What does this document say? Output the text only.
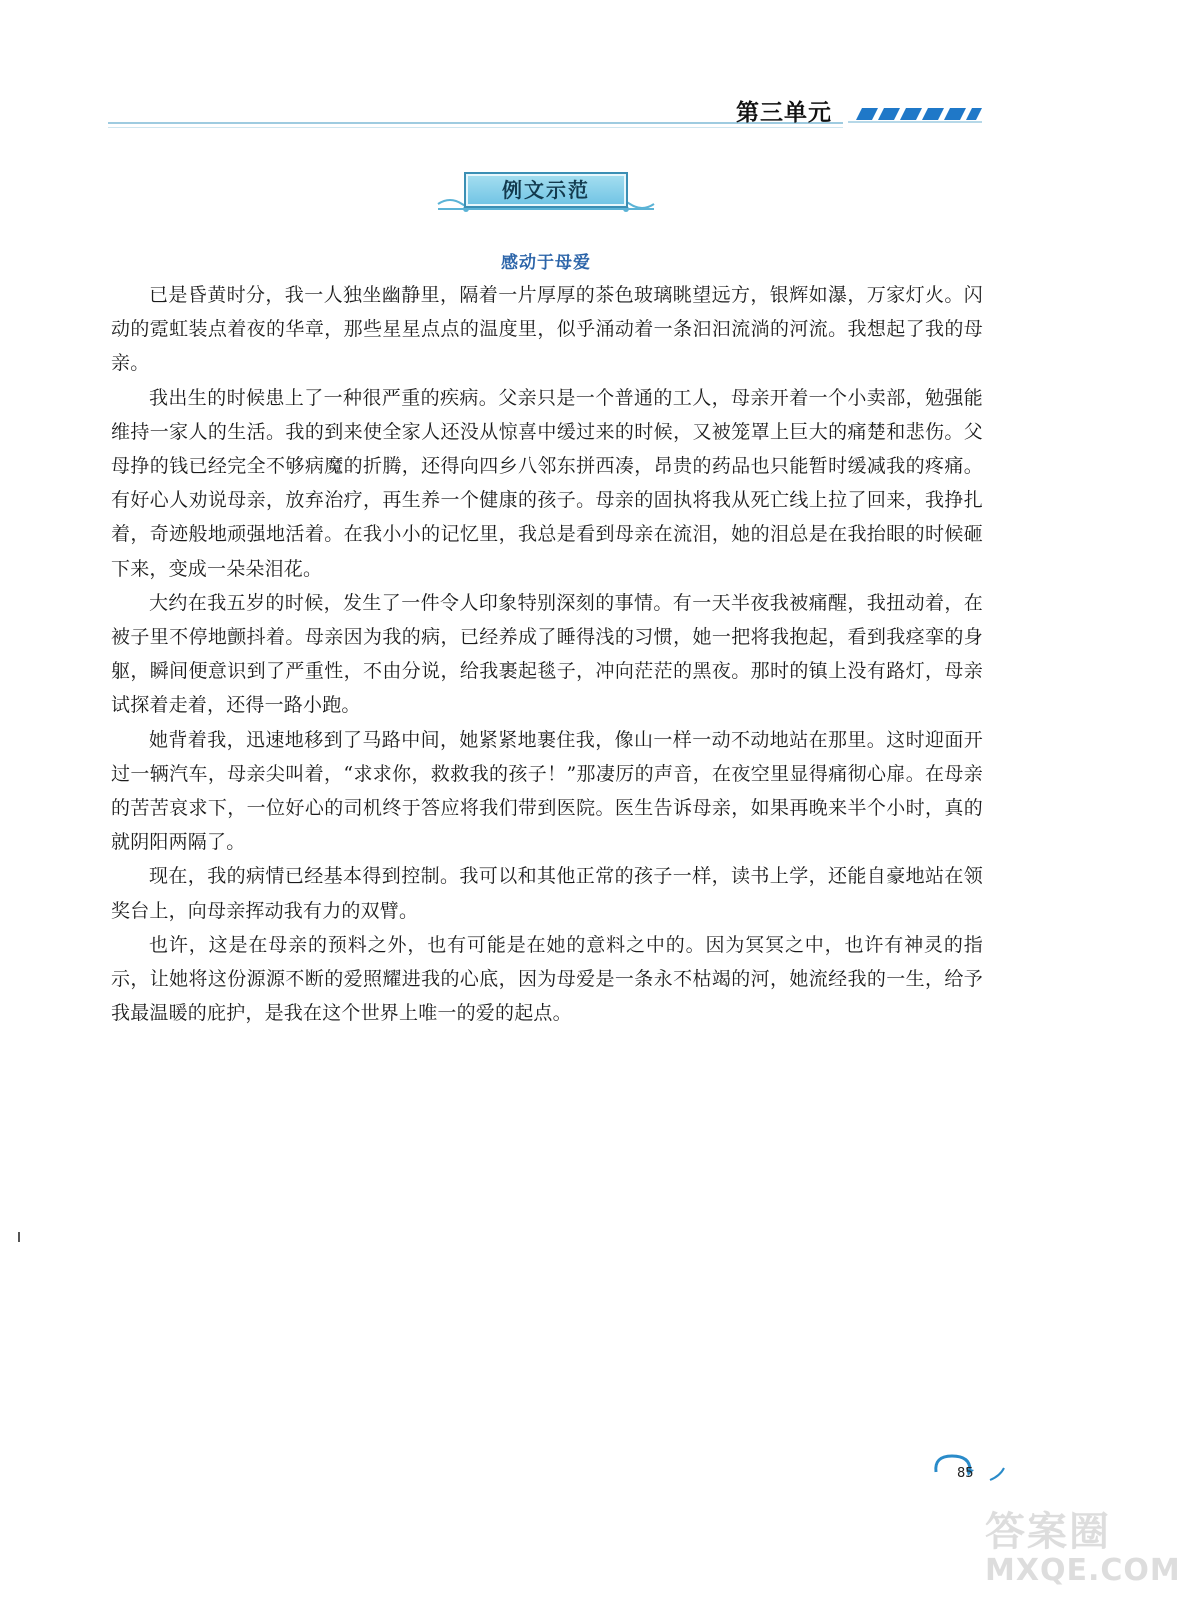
第三单元
例文示范
感动于母爱

已是昏黄时分，我一人独坐幽静里，隔着一片厚厚的茶色玻璃眺望远方，银辉如瀑，万家灯火。闪动的霓虹装点着夜的华章，那些星星点点的温度里，似乎涌动着一条汩汩流淌的河流。我想起了我的母亲。

我出生的时候患上了一种很严重的疾病。父亲只是一个普通的工人，母亲开着一个小卖部，勉强能维持一家人的生活。我的到来使全家人还没从惊喜中缓过来的时候，又被笼罩上巨大的痛楚和悲伤。父母挣的钱已经完全不够病魔的折腾，还得向四乡八邻东拼西凑，昂贵的药品也只能暂时缓减我的疼痛。有好心人劝说母亲，放弃治疗，再生养一个健康的孩子。母亲的固执将我从死亡线上拉了回来，我挣扎着，奇迹般地顽强地活着。在我小小的记忆里，我总是看到母亲在流泪，她的泪总是在我抬眼的时候砸下来，变成一朵朵泪花。

大约在我五岁的时候，发生了一件令人印象特别深刻的事情。有一天半夜我被痛醒，我扭动着，在被子里不停地颤抖着。母亲因为我的病，已经养成了睡得浅的习惯，她一把将我抱起，看到我痉挛的身躯，瞬间便意识到了严重性，不由分说，给我裹起毯子，冲向茫茫的黑夜。那时的镇上没有路灯，母亲试探着走着，还得一路小跑。

她背着我，迅速地移到了马路中间，她紧紧地裹住我，像山一样一动不动地站在那里。这时迎面开过一辆汽车，母亲尖叫着，“求求你，救救我的孩子！”那凄厉的声音，在夜空里显得痛彻心扉。在母亲的苦苦哀求下，一位好心的司机终于答应将我们带到医院。医生告诉母亲，如果再晚来半个小时，真的就阴阳两隔了。

现在，我的病情已经基本得到控制。我可以和其他正常的孩子一样，读书上学，还能自豪地站在领奖台上，向母亲挥动我有力的双臂。

也许，这是在母亲的预料之外，也有可能是在她的意料之中的。因为冥冥之中，也许有神灵的指示，让她将这份源源不断的爱照耀进我的心底，因为母爱是一条永不枯竭的河，她流经我的一生，给予我最温暖的庇护，是我在这个世界上唯一的爱的起点。

85
答案圈
MXQE.COM
